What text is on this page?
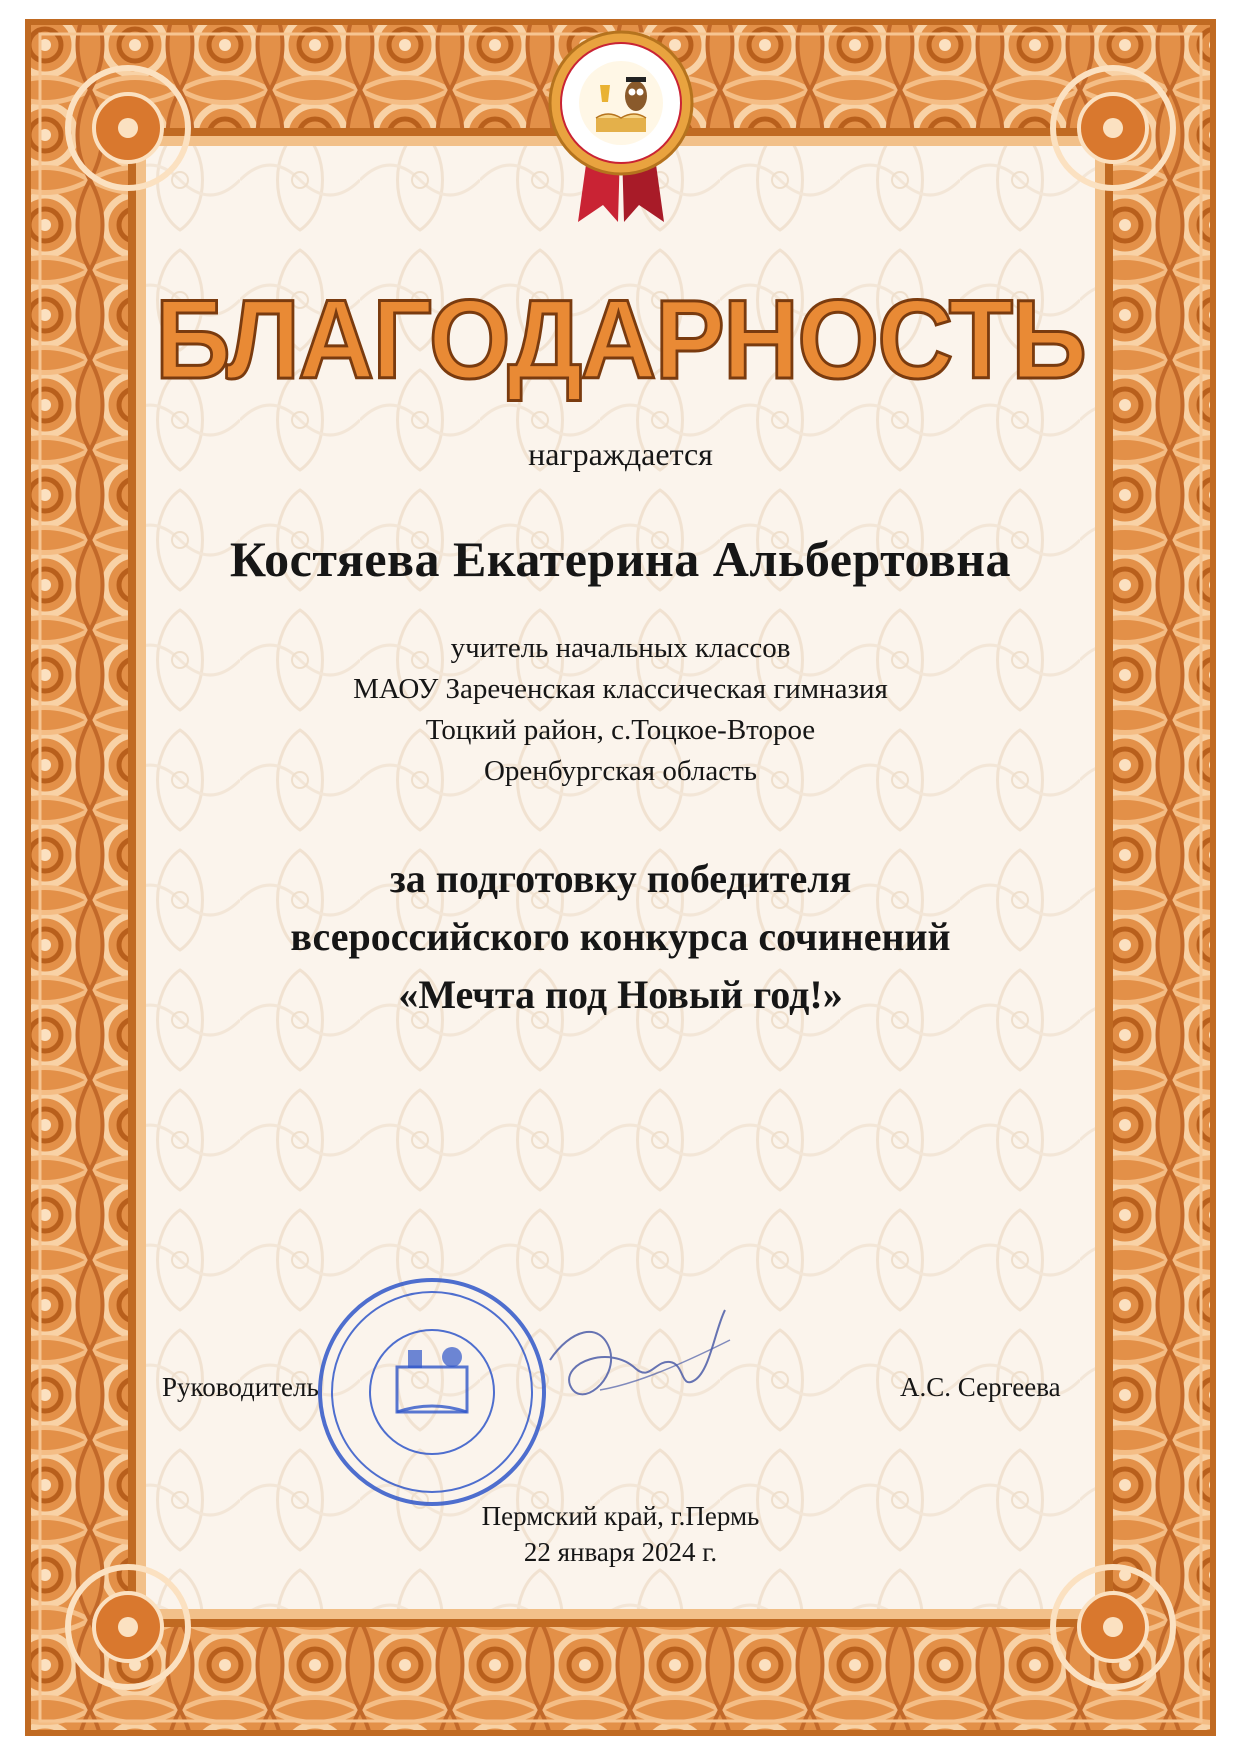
БЛАГОДАРНОСТЬ
награждается
Костяева Екатерина Альбертовна
учитель начальных классов
МАОУ Зареченская классическая гимназия
Тоцкий район, с.Тоцкое-Второе
Оренбургская область
за подготовку победителя
всероссийского конкурса сочинений
«Мечта под Новый год!»
Руководитель	А.С. Сергеева
Пермский край, г.Пермь
22 января 2024 г.
